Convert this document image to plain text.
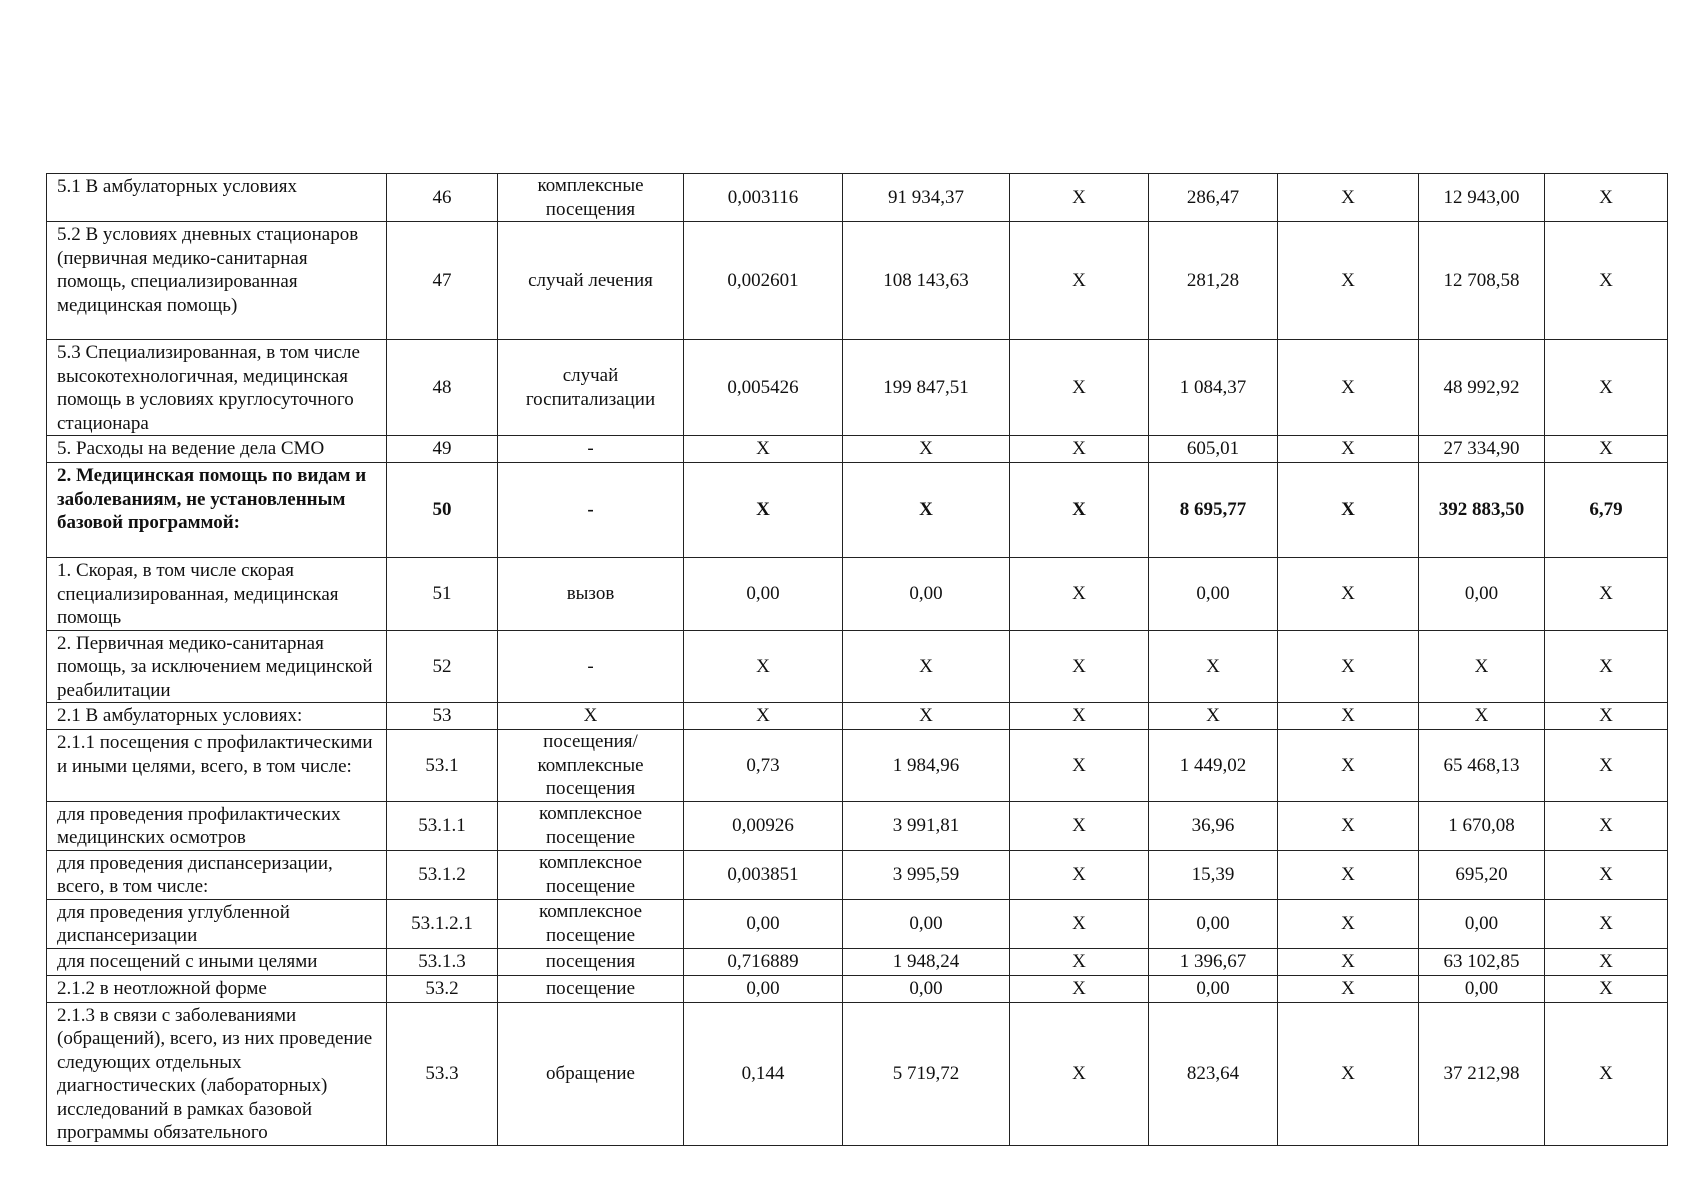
5.1 В амбулаторных условиях	46	комплексные посещения	0,003116	91 934,37	Х	286,47	Х	12 943,00	Х
5.2 В условиях дневных стационаров (первичная медико-санитарная помощь, специализированная медицинская помощь)	47	случай лечения	0,002601	108 143,63	Х	281,28	Х	12 708,58	Х
5.3 Специализированная, в том числе высокотехнологичная, медицинская помощь в условиях круглосуточного стационара	48	случай госпитализации	0,005426	199 847,51	Х	1 084,37	Х	48 992,92	Х
5. Расходы на ведение дела СМО	49	-	Х	Х	Х	605,01	Х	27 334,90	Х
2. Медицинская помощь по видам и заболеваниям, не установленным базовой программой:	50	-	Х	Х	Х	8 695,77	Х	392 883,50	6,79
1. Скорая, в том числе скорая специализированная, медицинская помощь	51	вызов	0,00	0,00	Х	0,00	Х	0,00	Х
2. Первичная медико-санитарная помощь, за исключением медицинской реабилитации	52	-	Х	Х	Х	Х	Х	Х	Х
2.1 В амбулаторных условиях:	53	Х	Х	Х	Х	Х	Х	Х	Х
2.1.1 посещения с профилактическими и иными целями, всего, в том числе:	53.1	посещения/комплексные посещения	0,73	1 984,96	Х	1 449,02	Х	65 468,13	Х
для проведения профилактических медицинских осмотров	53.1.1	комплексное посещение	0,00926	3 991,81	Х	36,96	Х	1 670,08	Х
для проведения диспансеризации, всего, в том числе:	53.1.2	комплексное посещение	0,003851	3 995,59	Х	15,39	Х	695,20	Х
для проведения углубленной диспансеризации	53.1.2.1	комплексное посещение	0,00	0,00	Х	0,00	Х	0,00	Х
для посещений с иными целями	53.1.3	посещения	0,716889	1 948,24	Х	1 396,67	Х	63 102,85	Х
2.1.2 в неотложной форме	53.2	посещение	0,00	0,00	Х	0,00	Х	0,00	Х
2.1.3 в связи с заболеваниями (обращений), всего, из них проведение следующих отдельных диагностических (лабораторных) исследований в рамках базовой программы обязательного	53.3	обращение	0,144	5 719,72	Х	823,64	Х	37 212,98	Х
